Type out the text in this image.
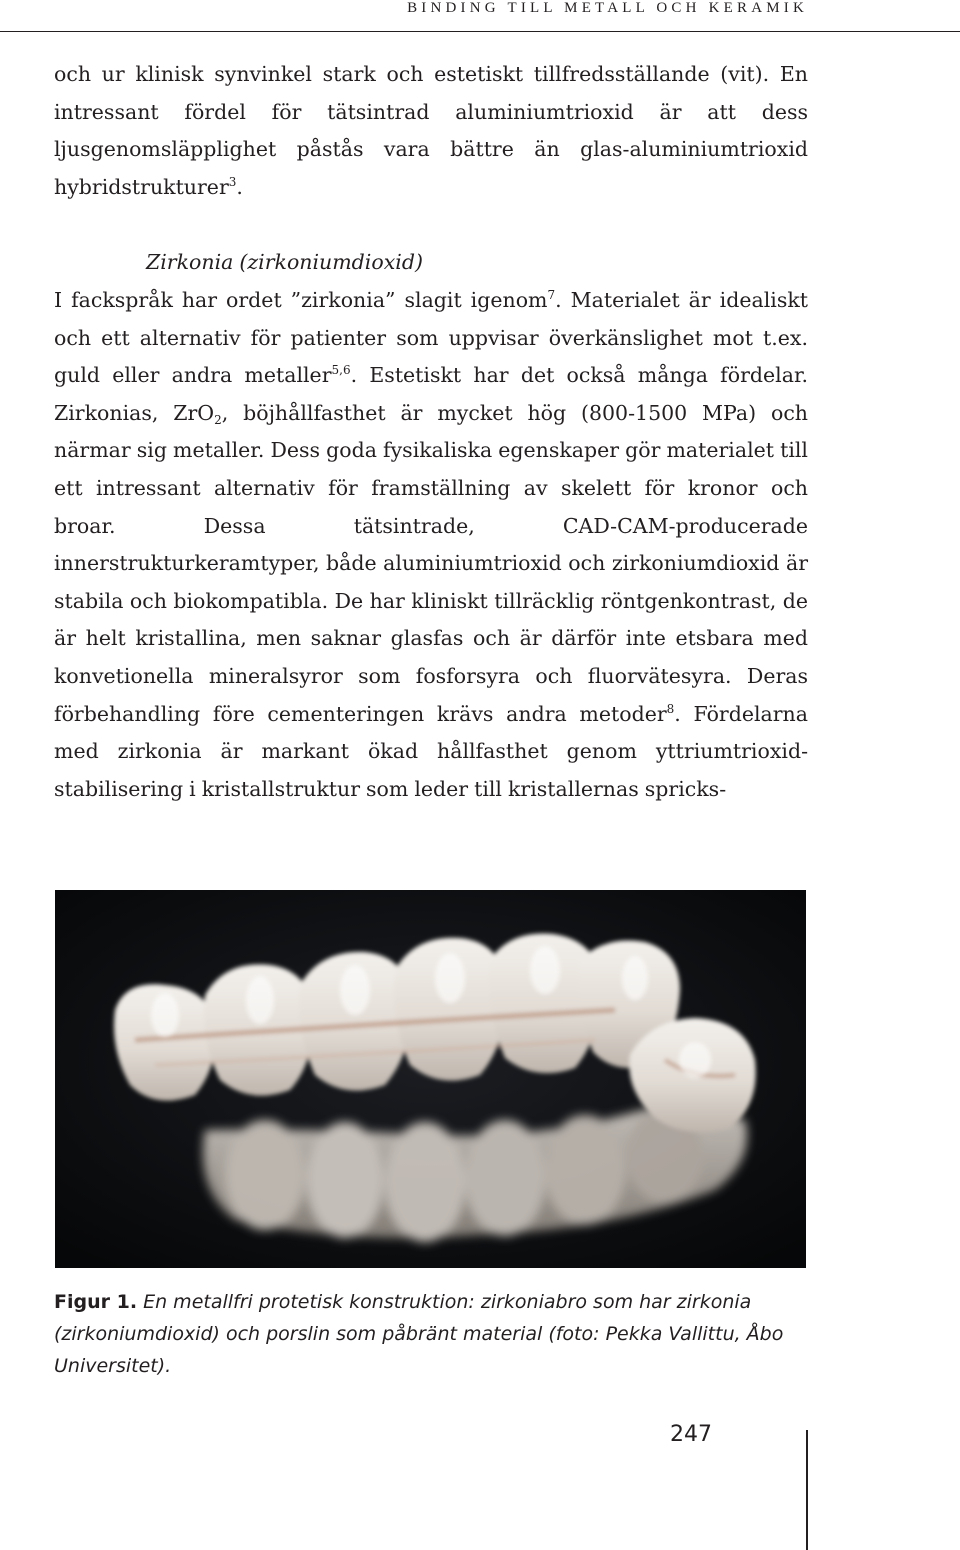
BINDING TILL METALL OCH KERAMIK

och ur klinisk synvinkel stark och estetiskt tillfredsställande (vit). En intressant fördel för tätsintrad aluminiumtrioxid är att dess ljusgenomsläpplighet påstås vara bättre än glas-aluminiumtrioxid hybridstrukturer$^3$.

Zirkonia (zirkoniumdioxid)

I fackspråk har ordet ”zirkonia” slagit igenom$^7$. Materialet är idealiskt och ett alternativ för patienter som uppvisar överkänslighet mot t.ex. guld eller andra metaller$^{5,6}$. Estetiskt har det också många fördelar. Zirkonias, ZrO$_2$, böjhållfasthet är mycket hög (800-1500 MPa) och närmar sig metaller. Dess goda fysikaliska egenskaper gör materialet till ett intressant alternativ för framställning av skelett för kronor och broar. Dessa tätsintrade, CAD-CAM-producerade innerstrukturkeramtyper, både aluminiumtrioxid och zirkoniumdioxid är stabila och biokompatibla. De har kliniskt tillräcklig röntgenkontrast, de är helt kristallina, men saknar glasfas och är därför inte etsbara med konvetionella mineralsyror som fosforsyra och fluorvätesyra. Deras förbehandling före cementeringen krävs andra metoder$^8$. Fördelarna med zirkonia är markant ökad hållfasthet genom yttriumtrioxid-stabilisering i kristallstruktur som leder till kristallernas spricks-

Figur 1. En metallfri protetisk konstruktion: zirkoniabro som har zirkonia (zirkoniumdioxid) och porslin som påbränt material (foto: Pekka Vallittu, Åbo Universitet).
247
